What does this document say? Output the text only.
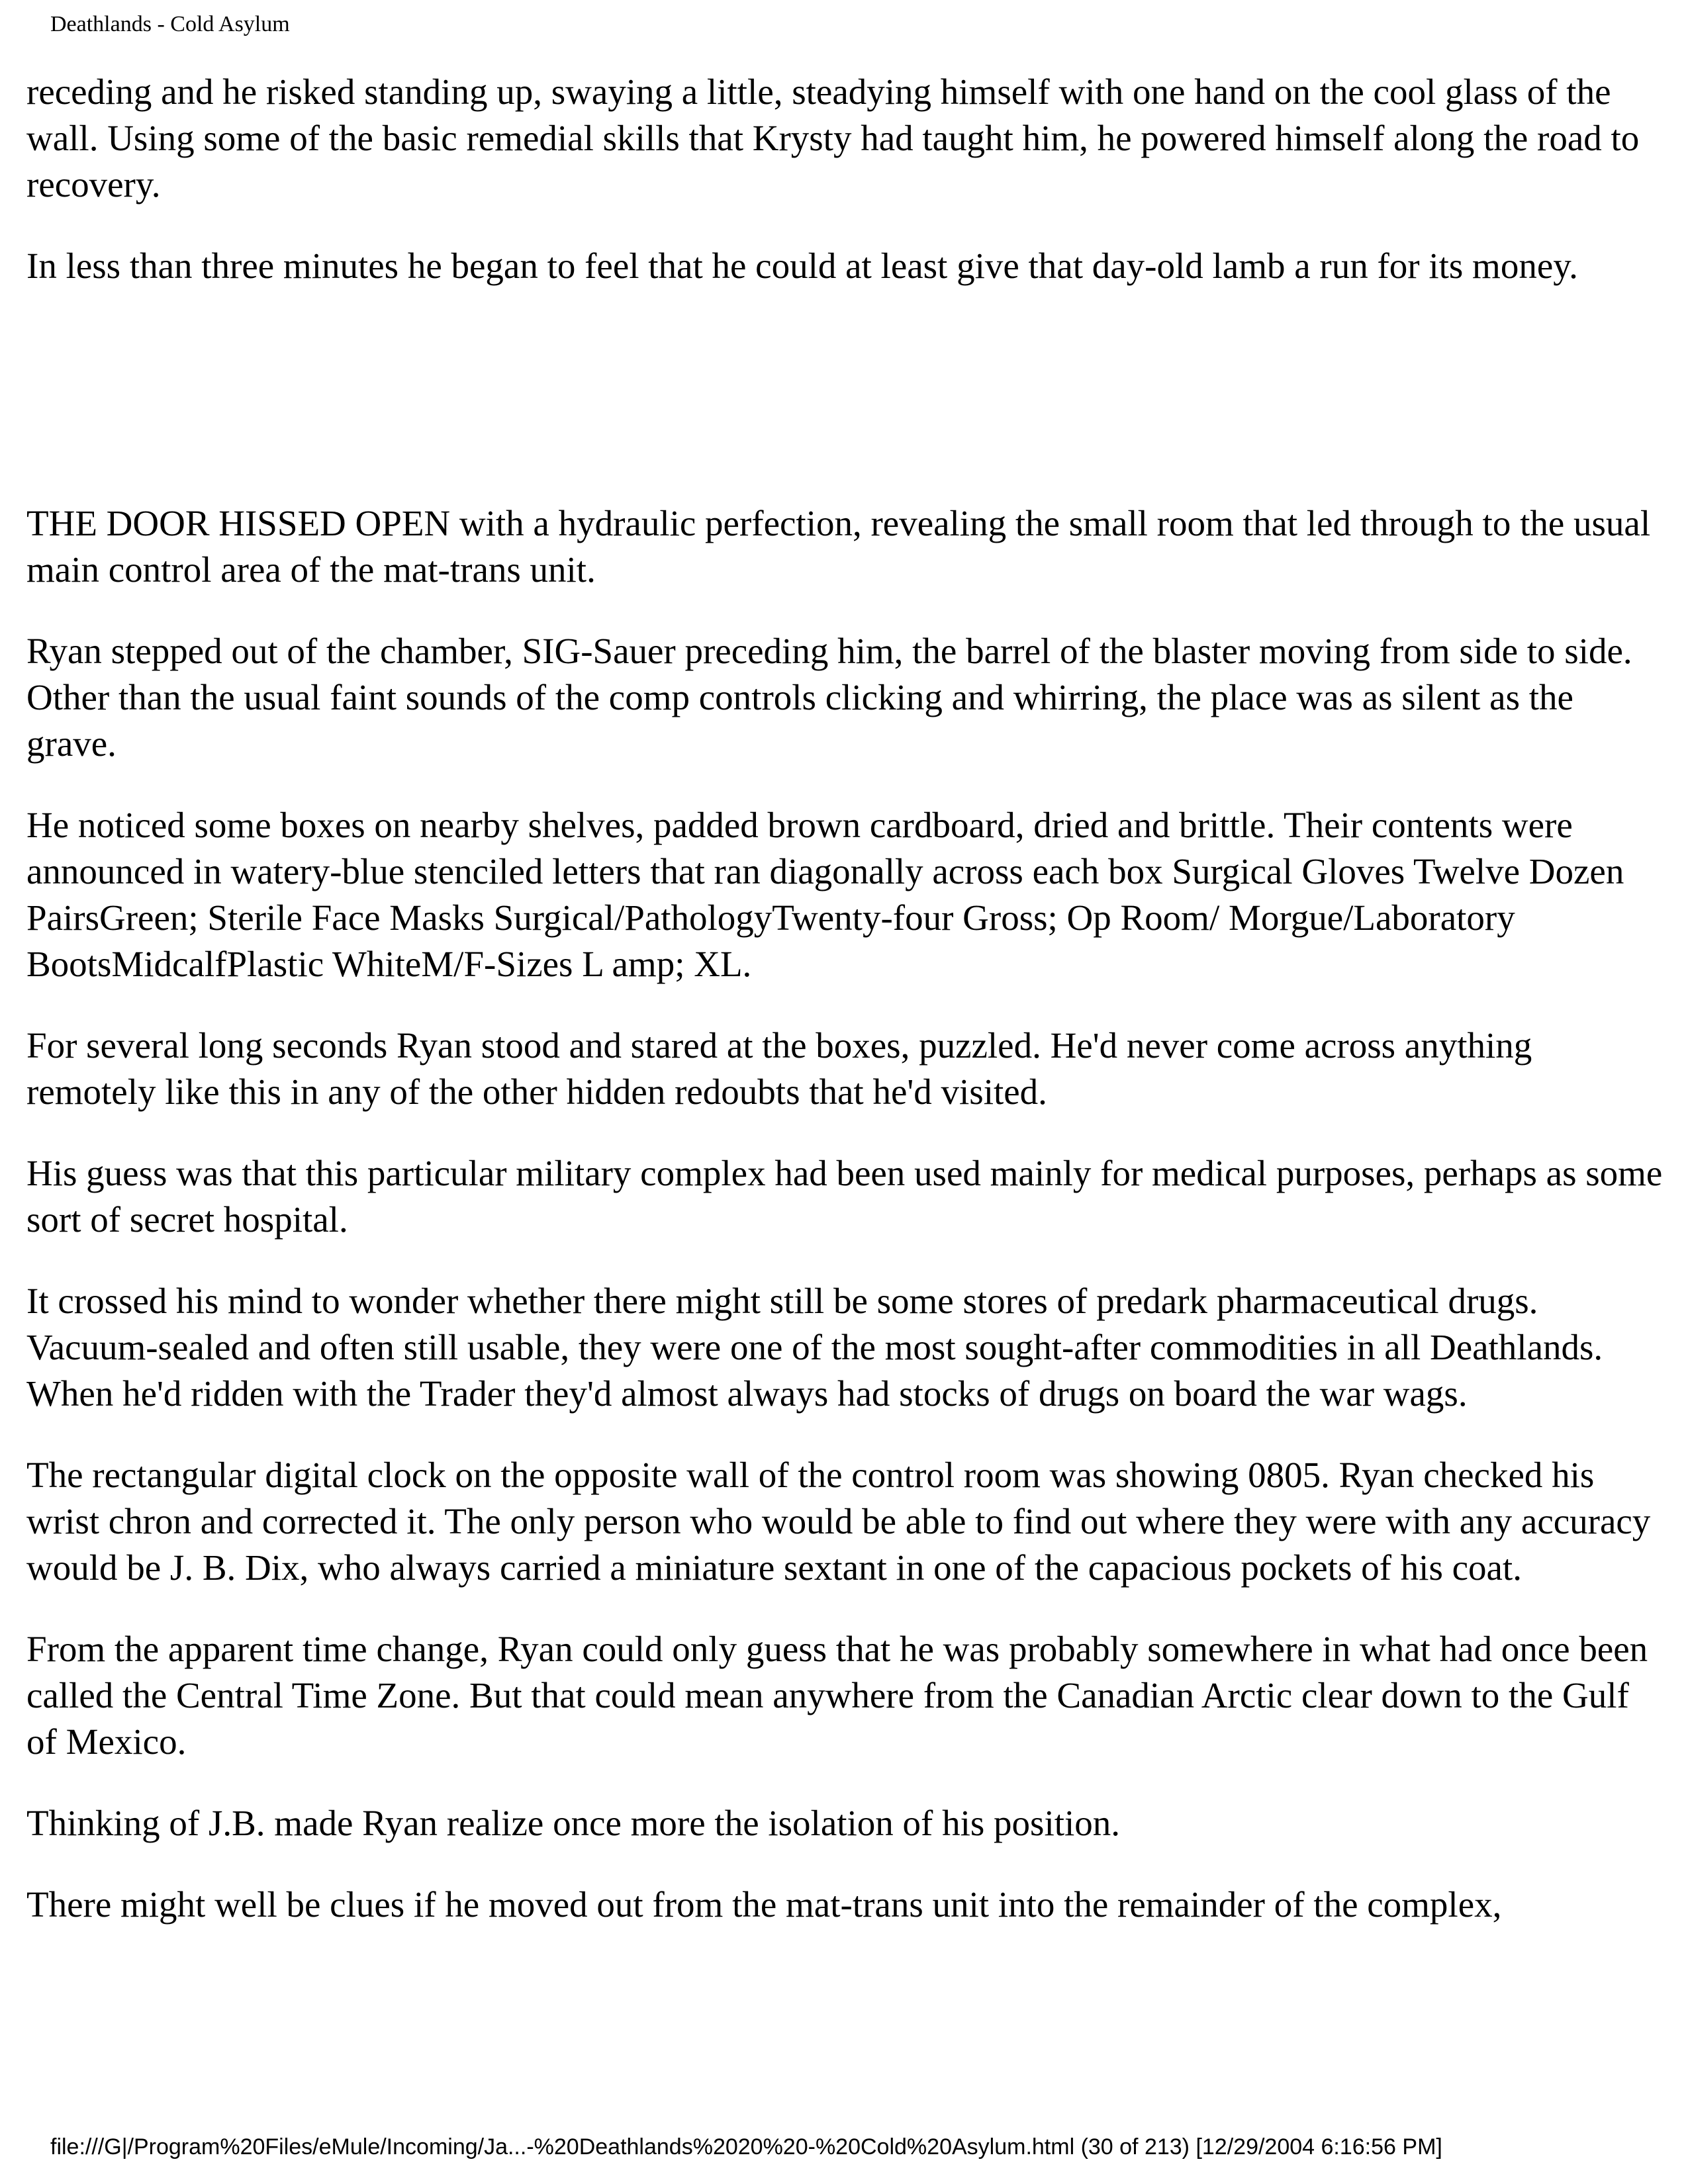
Deathlands - Cold Asylum

receding and he risked standing up, swaying a little, steadying himself with one hand on the cool glass of the wall. Using some of the basic remedial skills that Krysty had taught him, he powered himself along the road to recovery.

In less than three minutes he began to feel that he could at least give that day-old lamb a run for its money.

THE DOOR HISSED OPEN with a hydraulic perfection, revealing the small room that led through to the usual main control area of the mat-trans unit.

Ryan stepped out of the chamber, SIG-Sauer preceding him, the barrel of the blaster moving from side to side. Other than the usual faint sounds of the comp controls clicking and whirring, the place was as silent as the grave.

He noticed some boxes on nearby shelves, padded brown cardboard, dried and brittle. Their contents were announced in watery-blue stenciled letters that ran diagonally across each box Surgical Gloves Twelve Dozen PairsGreen; Sterile Face Masks Surgical/PathologyTwenty-four Gross; Op Room/ Morgue/Laboratory BootsMidcalfPlastic WhiteM/F-Sizes L amp; XL.

For several long seconds Ryan stood and stared at the boxes, puzzled. He'd never come across anything remotely like this in any of the other hidden redoubts that he'd visited.

His guess was that this particular military complex had been used mainly for medical purposes, perhaps as some sort of secret hospital.

It crossed his mind to wonder whether there might still be some stores of predark pharmaceutical drugs. Vacuum-sealed and often still usable, they were one of the most sought-after commodities in all Deathlands. When he'd ridden with the Trader they'd almost always had stocks of drugs on board the war wags.

The rectangular digital clock on the opposite wall of the control room was showing 0805. Ryan checked his wrist chron and corrected it. The only person who would be able to find out where they were with any accuracy would be J. B. Dix, who always carried a miniature sextant in one of the capacious pockets of his coat.

From the apparent time change, Ryan could only guess that he was probably somewhere in what had once been called the Central Time Zone. But that could mean anywhere from the Canadian Arctic clear down to the Gulf of Mexico.

Thinking of J.B. made Ryan realize once more the isolation of his position.

There might well be clues if he moved out from the mat-trans unit into the remainder of the complex,

file:///G|/Program%20Files/eMule/Incoming/Ja...-%20Deathlands%2020%20-%20Cold%20Asylum.html (30 of 213) [12/29/2004 6:16:56 PM]
